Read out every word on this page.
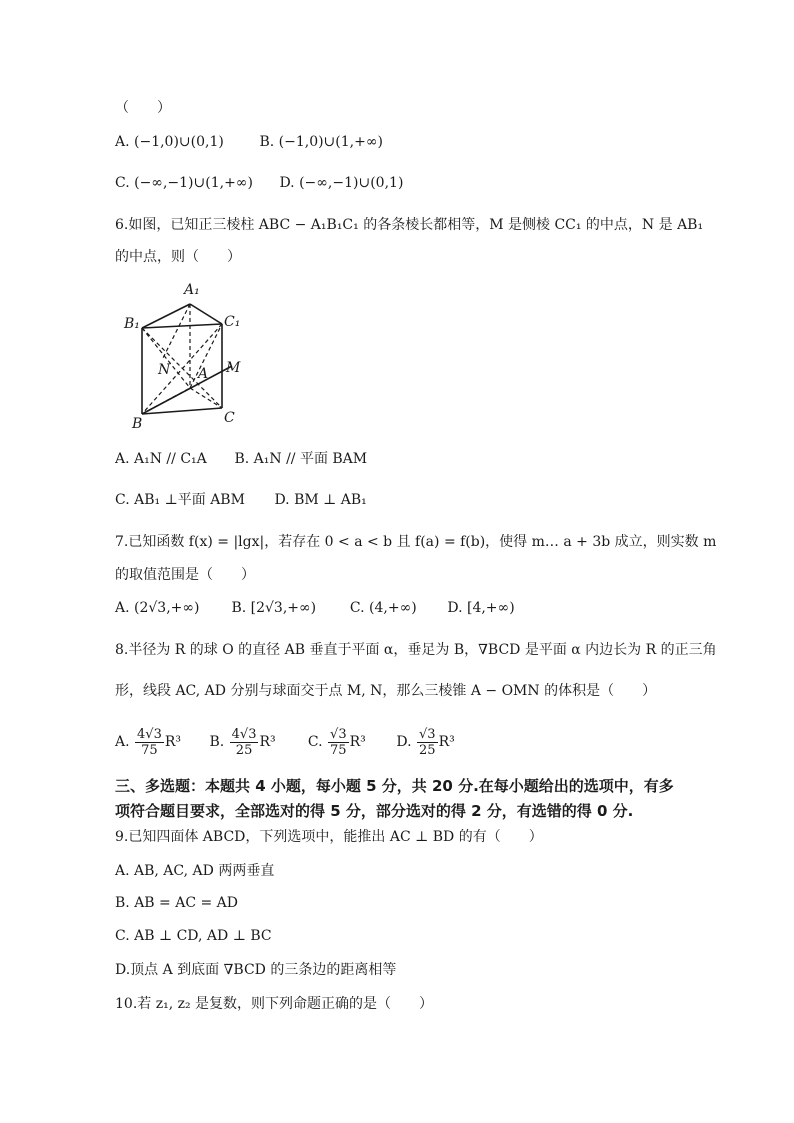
（　　）
A. (−1,0)∪(0,1)	B. (−1,0)∪(1,+∞)
C. (−∞,−1)∪(1,+∞) D. (−∞,−1)∪(0,1)
6.如图，已知正三棱柱 ABC − A₁B₁C₁ 的各条棱长都相等，M 是侧棱 CC₁ 的中点，N 是 AB₁
的中点，则（　　）
A₁
B₁	C₁
N A M
B	C
A. A₁N // C₁A B. A₁N // 平面 BAM
C. AB₁ ⊥平面 ABM D. BM ⊥ AB₁
7.已知函数 f(x) = |lgx|，若存在 0 < a < b 且 f(a) = f(b)，使得 m… a + 3b 成立，则实数 m
的取值范围是（　　）
A. (2√3,+∞) B. [2√3,+∞) C. (4,+∞) D. [4,+∞)
8.半径为 R 的球 O 的直径 AB 垂直于平面 α，垂足为 B，∇BCD 是平面 α 内边长为 R 的正三角
形，线段 AC, AD 分别与球面交于点 M, N，那么三棱锥 A − OMN 的体积是（　　）
A. $\frac{4√3}{75} R^3$ B. $\frac{4√3}{25} R^3$ C. $\frac{√3}{75} R^3$ D. $\frac{√3}{25} R^3$
三、多选题：本题共 4 小题，每小题 5 分，共 20 分.在每小题给出的选项中，有多
项符合题目要求，全部选对的得 5 分，部分选对的得 2 分，有选错的得 0 分.
9.已知四面体 ABCD，下列选项中，能推出 AC ⊥ BD 的有（　　）
A. AB, AC, AD 两两垂直
B. AB = AC = AD
C. AB ⊥ CD, AD ⊥ BC
D.顶点 A 到底面 ∇BCD 的三条边的距离相等
10.若 z₁, z₂ 是复数，则下列命题正确的是（　　）
